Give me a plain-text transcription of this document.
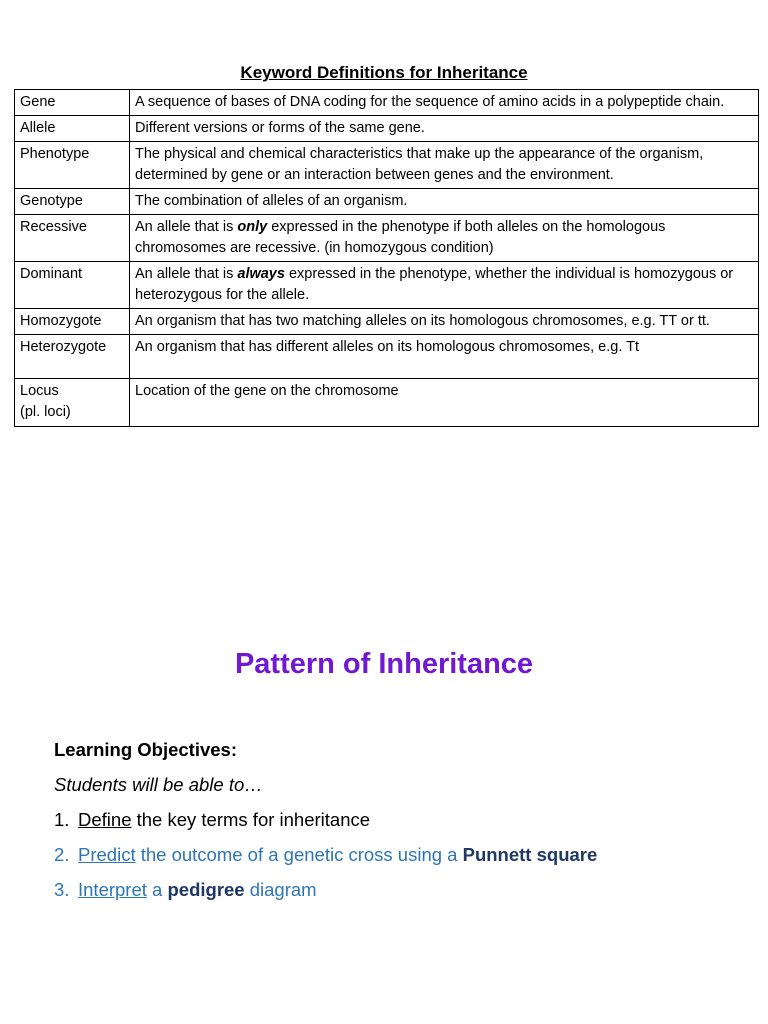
Keyword Definitions for Inheritance
Gene	A sequence of bases of DNA coding for the sequence of amino acids in a polypeptide chain.
Allele	Different versions or forms of the same gene.
Phenotype	The physical and chemical characteristics that make up the appearance of the organism, determined by gene or an interaction between genes and the environment.
Genotype	The combination of alleles of an organism.
Recessive	An allele that is only expressed in the phenotype if both alleles on the homologous chromosomes are recessive. (in homozygous condition)
Dominant	An allele that is always expressed in the phenotype, whether the individual is homozygous or heterozygous for the allele.
Homozygote	An organism that has two matching alleles on its homologous chromosomes, e.g. TT or tt.
Heterozygote	An organism that has different alleles on its homologous chromosomes, e.g. Tt

Locus
(pl. loci)	Location of the gene on the chromosome
Pattern of Inheritance
Learning Objectives:
Students will be able to…
1. Define the key terms for inheritance
2. Predict the outcome of a genetic cross using a Punnett square
3. Interpret a pedigree diagram
